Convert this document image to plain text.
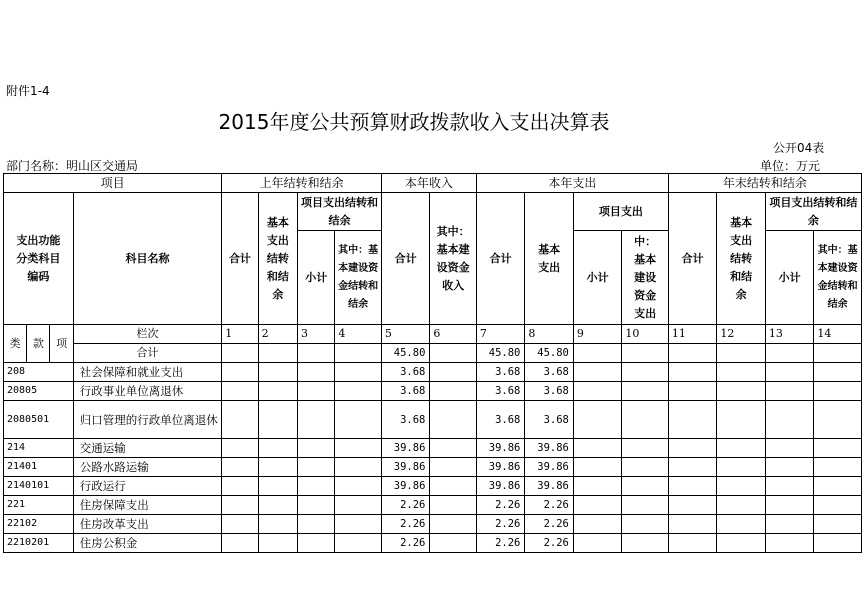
附件1-4
2015年度公共预算财政拨款收入支出决算表
公开04表
部门名称：明山区交通局	单位：万元
项目				上年结转和结余				本年收入		本年支出				年末结转和结余			

支出功能分类科目编码			科目名称	合计	基本支出结转和结余	项目支出结转和结余		合计	其中：基本建设资金收入	合计	基本支出	项目支出		合计	基本支出结转和结余	项目支出结转和结余	

						小计	其中：基本建设资金结转和结余					小计	中：基本建设资金支出			小计	其中：基本建设资金结转和结余

类	款	项	栏次	1	2	3	4	5	6	7	8	9	10	11	12	13	14
			合计					45.80		45.80	45.80						
208			社会保障和就业支出					3.68		3.68	3.68						
20805			行政事业单位离退休					3.68		3.68	3.68						
2080501			归口管理的行政单位离退休					3.68		3.68	3.68						
214			交通运输					39.86		39.86	39.86						
21401			公路水路运输					39.86		39.86	39.86						
2140101			行政运行					39.86		39.86	39.86						
221			住房保障支出					2.26		2.26	2.26						
22102			住房改革支出					2.26		2.26	2.26						
2210201			住房公积金					2.26		2.26	2.26						
